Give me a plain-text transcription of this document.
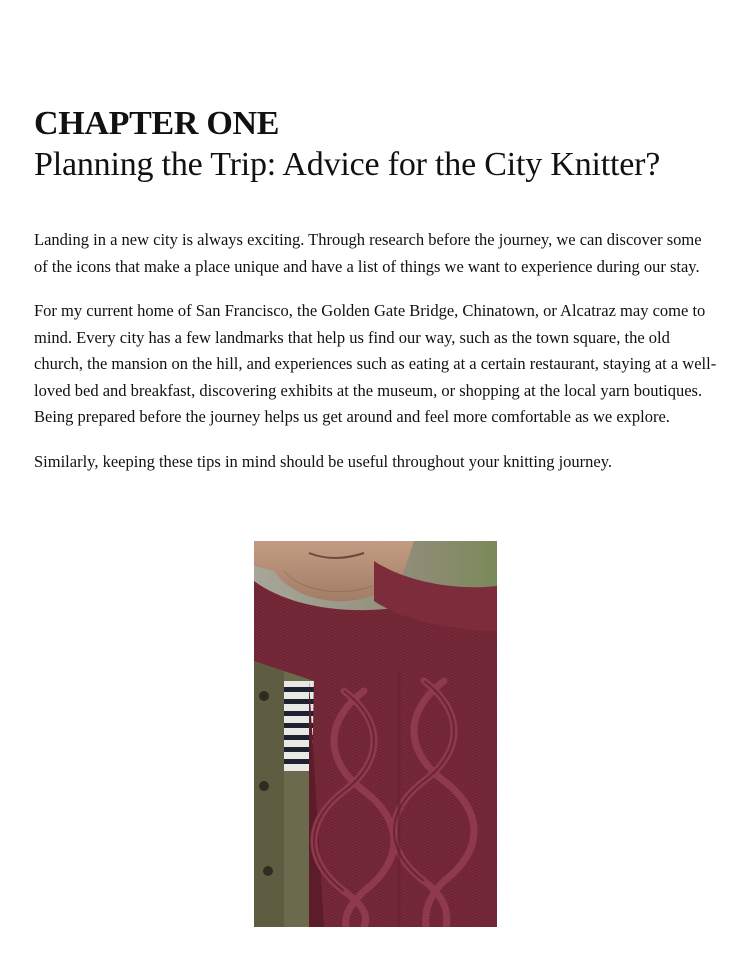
CHAPTER ONE
Planning the Trip: Advice for the City Knitter?

Landing in a new city is always exciting. Through research before the journey, we can discover some of the icons that make a place unique and have a list of things we want to experience during our stay.

For my current home of San Francisco, the Golden Gate Bridge, Chinatown, or Alcatraz may come to mind. Every city has a few landmarks that help us find our way, such as the town square, the old church, the mansion on the hill, and experiences such as eating at a certain restaurant, staying at a well-loved bed and breakfast, discovering exhibits at the museum, or shopping at the local yarn boutiques. Being prepared before the journey helps us get around and feel more comfortable as we explore.

Similarly, keeping these tips in mind should be useful throughout your knitting journey.
